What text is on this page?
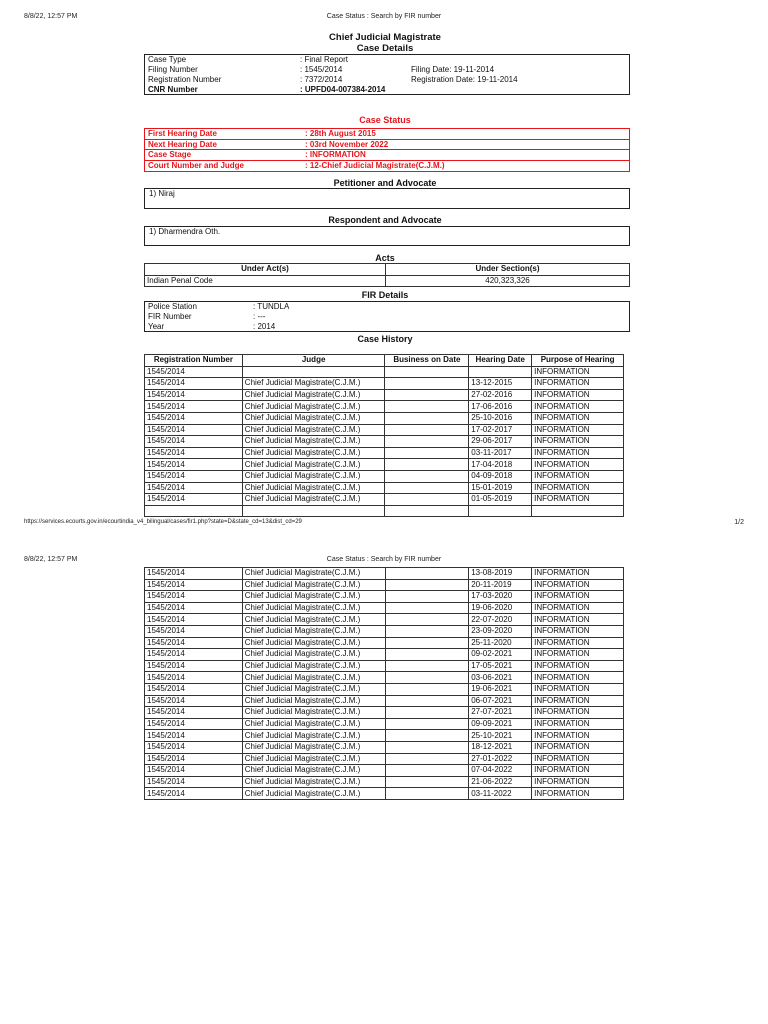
8/8/22, 12:57 PM	Case Status : Search by FIR number
Chief Judicial Magistrate
Case Details
Case Type	: Final Report
Filing Number	: 1545/2014	Filing Date: 19-11-2014
Registration Number	: 7372/2014	Registration Date: 19-11-2014
CNR Number	: UPFD04-007384-2014
Case Status
First Hearing Date	: 28th August 2015
Next Hearing Date	: 03rd November 2022
Case Stage	: INFORMATION
Court Number and Judge	: 12-Chief Judicial Magistrate(C.J.M.)
Petitioner and Advocate
1) Niraj
Respondent and Advocate
1) Dharmendra Oth.
Acts
Under Act(s)	Under Section(s)
Indian Penal Code	420,323,326
FIR Details
Police Station	: TUNDLA
FIR Number	: ---
Year	: 2014
Case History
Registration Number	Judge	Business on Date	Hearing Date	Purpose of Hearing
1545/2014				INFORMATION
1545/2014	Chief Judicial Magistrate(C.J.M.)		13-12-2015	INFORMATION
1545/2014	Chief Judicial Magistrate(C.J.M.)		27-02-2016	INFORMATION
1545/2014	Chief Judicial Magistrate(C.J.M.)		17-06-2016	INFORMATION
1545/2014	Chief Judicial Magistrate(C.J.M.)		25-10-2016	INFORMATION
1545/2014	Chief Judicial Magistrate(C.J.M.)		17-02-2017	INFORMATION
1545/2014	Chief Judicial Magistrate(C.J.M.)		29-06-2017	INFORMATION
1545/2014	Chief Judicial Magistrate(C.J.M.)		03-11-2017	INFORMATION
1545/2014	Chief Judicial Magistrate(C.J.M.)		17-04-2018	INFORMATION
1545/2014	Chief Judicial Magistrate(C.J.M.)		04-09-2018	INFORMATION
1545/2014	Chief Judicial Magistrate(C.J.M.)		15-01-2019	INFORMATION
1545/2014	Chief Judicial Magistrate(C.J.M.)		01-05-2019	INFORMATION

https://services.ecourts.gov.in/ecourtindia_v4_bilingual/cases/fir1.php?state=D&state_cd=13&dist_cd=29	1/2
8/8/22, 12:57 PM	Case Status : Search by FIR number
1545/2014	Chief Judicial Magistrate(C.J.M.)		13-08-2019	INFORMATION
1545/2014	Chief Judicial Magistrate(C.J.M.)		20-11-2019	INFORMATION
1545/2014	Chief Judicial Magistrate(C.J.M.)		17-03-2020	INFORMATION
1545/2014	Chief Judicial Magistrate(C.J.M.)		19-06-2020	INFORMATION
1545/2014	Chief Judicial Magistrate(C.J.M.)		22-07-2020	INFORMATION
1545/2014	Chief Judicial Magistrate(C.J.M.)		23-09-2020	INFORMATION
1545/2014	Chief Judicial Magistrate(C.J.M.)		25-11-2020	INFORMATION
1545/2014	Chief Judicial Magistrate(C.J.M.)		09-02-2021	INFORMATION
1545/2014	Chief Judicial Magistrate(C.J.M.)		17-05-2021	INFORMATION
1545/2014	Chief Judicial Magistrate(C.J.M.)		03-06-2021	INFORMATION
1545/2014	Chief Judicial Magistrate(C.J.M.)		19-06-2021	INFORMATION
1545/2014	Chief Judicial Magistrate(C.J.M.)		06-07-2021	INFORMATION
1545/2014	Chief Judicial Magistrate(C.J.M.)		27-07-2021	INFORMATION
1545/2014	Chief Judicial Magistrate(C.J.M.)		09-09-2021	INFORMATION
1545/2014	Chief Judicial Magistrate(C.J.M.)		25-10-2021	INFORMATION
1545/2014	Chief Judicial Magistrate(C.J.M.)		18-12-2021	INFORMATION
1545/2014	Chief Judicial Magistrate(C.J.M.)		27-01-2022	INFORMATION
1545/2014	Chief Judicial Magistrate(C.J.M.)		07-04-2022	INFORMATION
1545/2014	Chief Judicial Magistrate(C.J.M.)		21-06-2022	INFORMATION
1545/2014	Chief Judicial Magistrate(C.J.M.)		03-11-2022	INFORMATION
